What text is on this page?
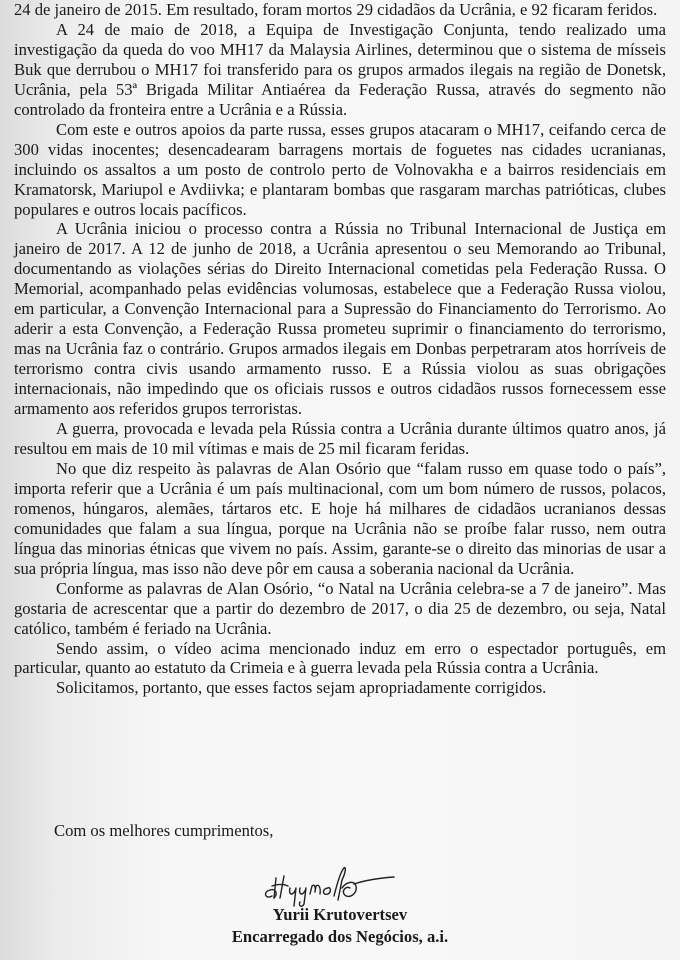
24 de janeiro de 2015. Em resultado, foram mortos 29 cidadãos da Ucrânia, e 92 ficaram feridos.

A 24 de maio de 2018, a Equipa de Investigação Conjunta, tendo realizado uma investigação da queda do voo MH17 da Malaysia Airlines, determinou que o sistema de mísseis Buk que derrubou o MH17 foi transferido para os grupos armados ilegais na região de Donetsk, Ucrânia, pela 53ª Brigada Militar Antiaérea da Federação Russa, através do segmento não controlado da fronteira entre a Ucrânia e a Rússia.

Com este e outros apoios da parte russa, esses grupos atacaram o MH17, ceifando cerca de 300 vidas inocentes; desencadearam barragens mortais de foguetes nas cidades ucranianas, incluindo os assaltos a um posto de controlo perto de Volnovakha e a bairros residenciais em Kramatorsk, Mariupol e Avdiivka; e plantaram bombas que rasgaram marchas patrióticas, clubes populares e outros locais pacíficos.

A Ucrânia iniciou o processo contra a Rússia no Tribunal Internacional de Justiça em janeiro de 2017. A 12 de junho de 2018, a Ucrânia apresentou o seu Memorando ao Tribunal, documentando as violações sérias do Direito Internacional cometidas pela Federação Russa. O Memorial, acompanhado pelas evidências volumosas, estabelece que a Federação Russa violou, em particular, a Convenção Internacional para a Supressão do Financiamento do Terrorismo. Ao aderir a esta Convenção, a Federação Russa prometeu suprimir o financiamento do terrorismo, mas na Ucrânia faz o contrário. Grupos armados ilegais em Donbas perpetraram atos horríveis de terrorismo contra civis usando armamento russo. E a Rússia violou as suas obrigações internacionais, não impedindo que os oficiais russos e outros cidadãos russos fornecessem esse armamento aos referidos grupos terroristas.

A guerra, provocada e levada pela Rússia contra a Ucrânia durante últimos quatro anos, já resultou em mais de 10 mil vítimas e mais de 25 mil ficaram feridas.

No que diz respeito às palavras de Alan Osório que “falam russo em quase todo o país”, importa referir que a Ucrânia é um país multinacional, com um bom número de russos, polacos, romenos, húngaros, alemães, tártaros etc. E hoje há milhares de cidadãos ucranianos dessas comunidades que falam a sua língua, porque na Ucrânia não se proíbe falar russo, nem outra língua das minorias étnicas que vivem no país. Assim, garante-se o direito das minorias de usar a sua própria língua, mas isso não deve pôr em causa a soberania nacional da Ucrânia.

Conforme as palavras de Alan Osório, “o Natal na Ucrânia celebra-se a 7 de janeiro”. Mas gostaria de acrescentar que a partir do dezembro de 2017, o dia 25 de dezembro, ou seja, Natal católico, também é feriado na Ucrânia.

Sendo assim, o vídeo acima mencionado induz em erro o espectador português, em particular, quanto ao estatuto da Crimeia e à guerra levada pela Rússia contra a Ucrânia.

Solicitamos, portanto, que esses factos sejam apropriadamente corrigidos.

Com os melhores cumprimentos,
Yurii Krutovertsev
Encarregado dos Negócios, a.i.
